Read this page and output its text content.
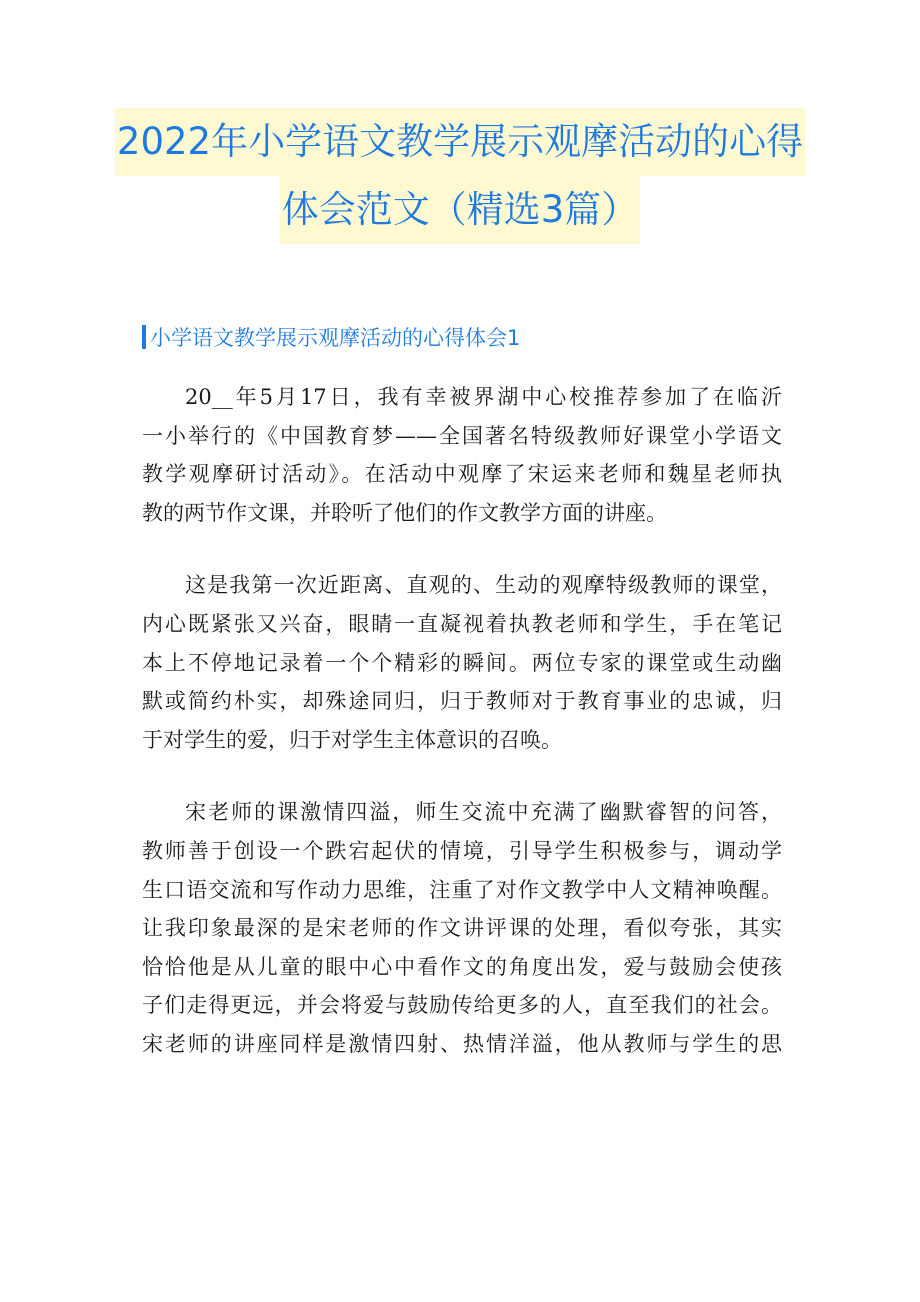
2022年小学语文教学展示观摩活动的心得
体会范文（精选3篇）
小学语文教学展示观摩活动的心得体会1
20__年5月17日，我有幸被界湖中心校推荐参加了在临沂
一小举行的《中国教育梦——全国著名特级教师好课堂小学语文
教学观摩研讨活动》。在活动中观摩了宋运来老师和魏星老师执
教的两节作文课，并聆听了他们的作文教学方面的讲座。
这是我第一次近距离、直观的、生动的观摩特级教师的课堂，
内心既紧张又兴奋，眼睛一直凝视着执教老师和学生，手在笔记
本上不停地记录着一个个精彩的瞬间。两位专家的课堂或生动幽
默或简约朴实，却殊途同归，归于教师对于教育事业的忠诚，归
于对学生的爱，归于对学生主体意识的召唤。
宋老师的课激情四溢，师生交流中充满了幽默睿智的问答，
教师善于创设一个跌宕起伏的情境，引导学生积极参与，调动学
生口语交流和写作动力思维，注重了对作文教学中人文精神唤醒。
让我印象最深的是宋老师的作文讲评课的处理，看似夸张，其实
恰恰他是从儿童的眼中心中看作文的角度出发，爱与鼓励会使孩
子们走得更远，并会将爱与鼓励传给更多的人，直至我们的社会。
宋老师的讲座同样是激情四射、热情洋溢，他从教师与学生的思
